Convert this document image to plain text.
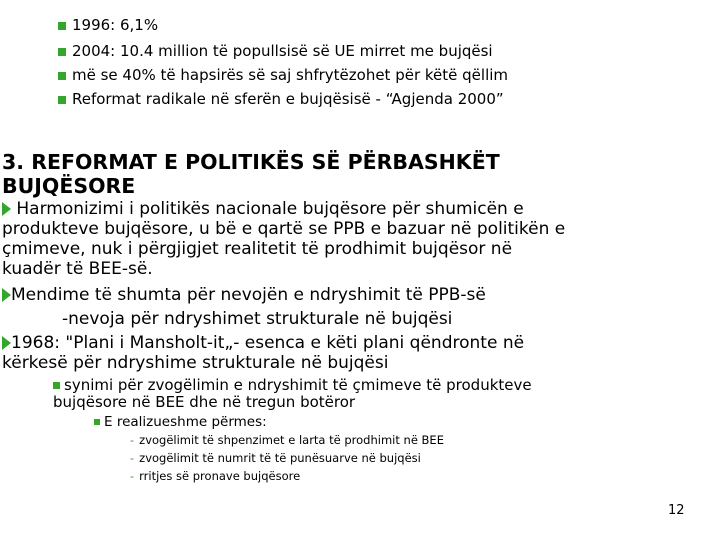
1996: 6,1%
2004: 10.4 million të popullsisë së UE mirret me bujqësi
më se 40% të hapsirës së saj shfrytëzohet për këtë qëllim
Reformat radikale në sferën e bujqësisë - “Agjenda 2000”
3. REFORMAT E POLITIKËS SË PËRBASHKËT
BUJQËSORE
Harmonizimi i politikës nacionale bujqësore për shumicën e
produkteve bujqësore, u bë e qartë se PPB e bazuar në politikën e
çmimeve, nuk i përgjigjet realitetit të prodhimit bujqësor në
kuadër të BEE-së.
Mendime të shumta për nevojën e ndryshimit të PPB-së
-nevoja për ndryshimet strukturale në bujqësi
1968: "Plani i Mansholt-it„- esenca e këti plani qëndronte në
kërkesë për ndryshime strukturale në bujqësi
synimi për zvogëlimin e ndryshimit të çmimeve të produkteve
bujqësore në BEE dhe në tregun botëror
E realizueshme përmes:
- zvogëlimit të shpenzimet e larta të prodhimit në BEE
- zvogëlimit të numrit të të punësuarve në bujqësi
- rritjes së pronave bujqësore
12
